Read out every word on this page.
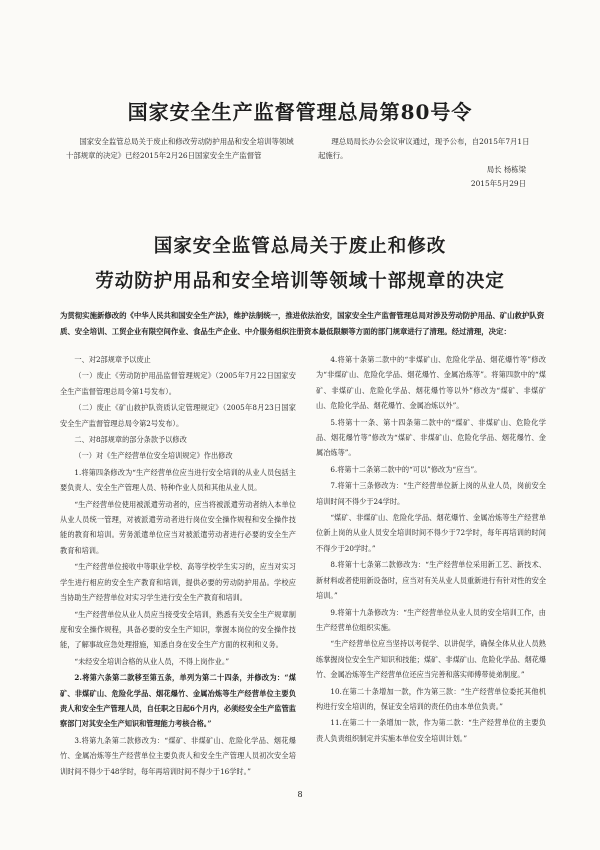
国家安全生产监督管理总局第80号令

国家安全监管总局关于废止和修改劳动防护用品和安全培训等领域十部规章的决定》已经2015年2月26日国家安全生产监督管

理总局局长办公会议审议通过，现予公布，自2015年7月1日起施行。

局长 杨栋梁

2015年5月29日

国家安全监管总局关于废止和修改
劳动防护用品和安全培训等领域十部规章的决定
为贯彻实施新修改的《中华人民共和国安全生产法》，维护法制统一，推进依法治安，国家安全生产监督管理总局对涉及劳动防护用品、矿山救护队资质、安全培训、工贸企业有限空间作业、食品生产企业、中介服务组织注册资本最低限额等方面的部门规章进行了清理。经过清理，决定：

一、对2部规章予以废止

（一）废止《劳动防护用品监督管理规定》（2005年7月22日国家安全生产监督管理总局令第1号发布）。

（二）废止《矿山救护队资质认定管理规定》（2005年8月23日国家安全生产监督管理总局令第2号发布）。

二、对8部规章的部分条款予以修改

（一）对《生产经营单位安全培训规定》作出修改

1.将第四条修改为“生产经营单位应当进行安全培训的从业人员包括主要负责人、安全生产管理人员、特种作业人员和其他从业人员。

“生产经营单位使用被派遣劳动者的，应当将被派遣劳动者纳入本单位从业人员统一管理，对被派遣劳动者进行岗位安全操作规程和安全操作技能的教育和培训。劳务派遣单位应当对被派遣劳动者进行必要的安全生产教育和培训。

“生产经营单位接收中等职业学校、高等学校学生实习的，应当对实习学生进行相应的安全生产教育和培训，提供必要的劳动防护用品。学校应当协助生产经营单位对实习学生进行安全生产教育和培训。

“生产经营单位从业人员应当接受安全培训，熟悉有关安全生产规章制度和安全操作规程，具备必要的安全生产知识，掌握本岗位的安全操作技能，了解事故应急处理措施，知悉自身在安全生产方面的权利和义务。

“未经安全培训合格的从业人员，不得上岗作业。”

2.将第六条第二款移至第五条，单列为第二十四条，并修改为：“煤矿、非煤矿山、危险化学品、烟花爆竹、金属冶炼等生产经营单位主要负责人和安全生产管理人员，自任职之日起6个月内，必须经安全生产监管监察部门对其安全生产知识和管理能力考核合格。”

3.将第九条第二款修改为：“煤矿、非煤矿山、危险化学品、烟花爆竹、金属冶炼等生产经营单位主要负责人和安全生产管理人员初次安全培训时间不得少于48学时，每年再培训时间不得少于16学时。”

4.将第十条第二款中的“非煤矿山、危险化学品、烟花爆竹等”修改为“非煤矿山、危险化学品、烟花爆竹、金属冶炼等”。将第四款中的“煤矿、非煤矿山、危险化学品、烟花爆竹等以外”修改为“煤矿、非煤矿山、危险化学品、烟花爆竹、金属冶炼以外”。

5.将第十一条、第十四条第二款中的“煤矿、非煤矿山、危险化学品、烟花爆竹等”修改为“煤矿、非煤矿山、危险化学品、烟花爆竹、金属冶炼等”。

6.将第十二条第二款中的“可以”修改为“应当”。

7.将第十三条修改为：“生产经营单位新上岗的从业人员，岗前安全培训时间不得少于24学时。

“煤矿、非煤矿山、危险化学品、烟花爆竹、金属冶炼等生产经营单位新上岗的从业人员安全培训时间不得少于72学时，每年再培训的时间不得少于20学时。”

8.将第十七条第二款修改为：“生产经营单位采用新工艺、新技术、新材料或者使用新设备时，应当对有关从业人员重新进行有针对性的安全培训。”

9.将第十九条修改为：“生产经营单位从业人员的安全培训工作，由生产经营单位组织实施。

“生产经营单位应当坚持以考促学、以讲促学，确保全体从业人员熟练掌握岗位安全生产知识和技能；煤矿、非煤矿山、危险化学品、烟花爆竹、金属冶炼等生产经营单位还应当完善和落实师傅带徒弟制度。”

10.在第二十条增加一款，作为第三款：“生产经营单位委托其他机构进行安全培训的，保证安全培训的责任仍由本单位负责。”

11.在第二十一条增加一款，作为第二款：“生产经营单位的主要负责人负责组织制定并实施本单位安全培训计划。”

8
